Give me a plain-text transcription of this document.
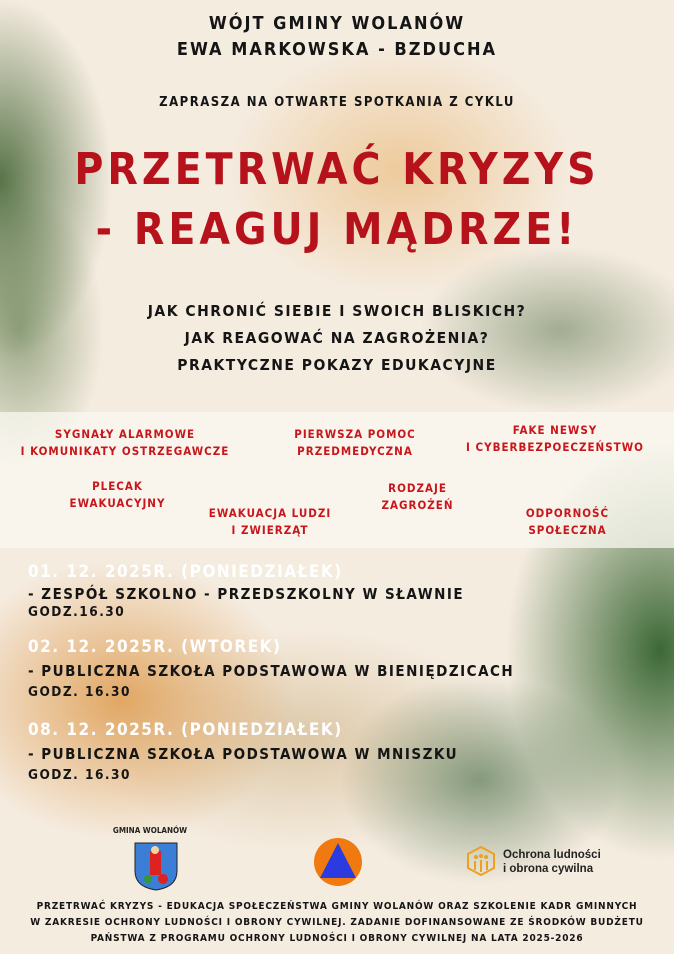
WÓJT GMINY WOLANÓW
EWA MARKOWSKA - BZDUCHA
ZAPRASZA NA OTWARTE SPOTKANIA Z CYKLU
PRZETRWAĆ KRYZYS
- REAGUJ MĄDRZE!
JAK CHRONIĆ SIEBIE I SWOICH BLISKICH?
JAK REAGOWAĆ NA ZAGROŻENIA?
PRAKTYCZNE POKAZY EDUKACYJNE
SYGNAŁY ALARMOWE
I KOMUNIKATY OSTRZEGAWCZE
PIERWSZA POMOC
PRZEDMEDYCZNA
FAKE NEWSY
I CYBERBEZPOECZEŃSTWO
PLECAK
EWAKUACYJNY
EWAKUACJA LUDZI
I ZWIERZĄT
RODZAJE
ZAGROŻEŃ
ODPORNOŚĆ
SPOŁECZNA
01. 12. 2025R. (PONIEDZIAŁEK)
- ZESPÓŁ SZKOLNO - PRZEDSZKOLNY W SŁAWNIE
GODZ.16.30
02. 12. 2025R. (WTOREK)
- PUBLICZNA SZKOŁA PODSTAWOWA W BIENIĘDZICACH
GODZ. 16.30
08. 12. 2025R. (PONIEDZIAŁEK)
- PUBLICZNA SZKOŁA PODSTAWOWA W MNISZKU
GODZ. 16.30
GMINA WOLANÓW
Ochrona ludności
i obrona cywilna
PRZETRWAĆ KRYZYS - EDUKACJA SPOŁECZEŃSTWA GMINY WOLANÓW ORAZ SZKOLENIE KADR GMINNYCH
W ZAKRESIE OCHRONY LUDNOŚCI I OBRONY CYWILNEJ. ZADANIE DOFINANSOWANE ZE ŚRODKÓW BUDŻETU
PAŃSTWA Z PROGRAMU OCHRONY LUDNOŚCI I OBRONY CYWILNEJ NA LATA 2025-2026
